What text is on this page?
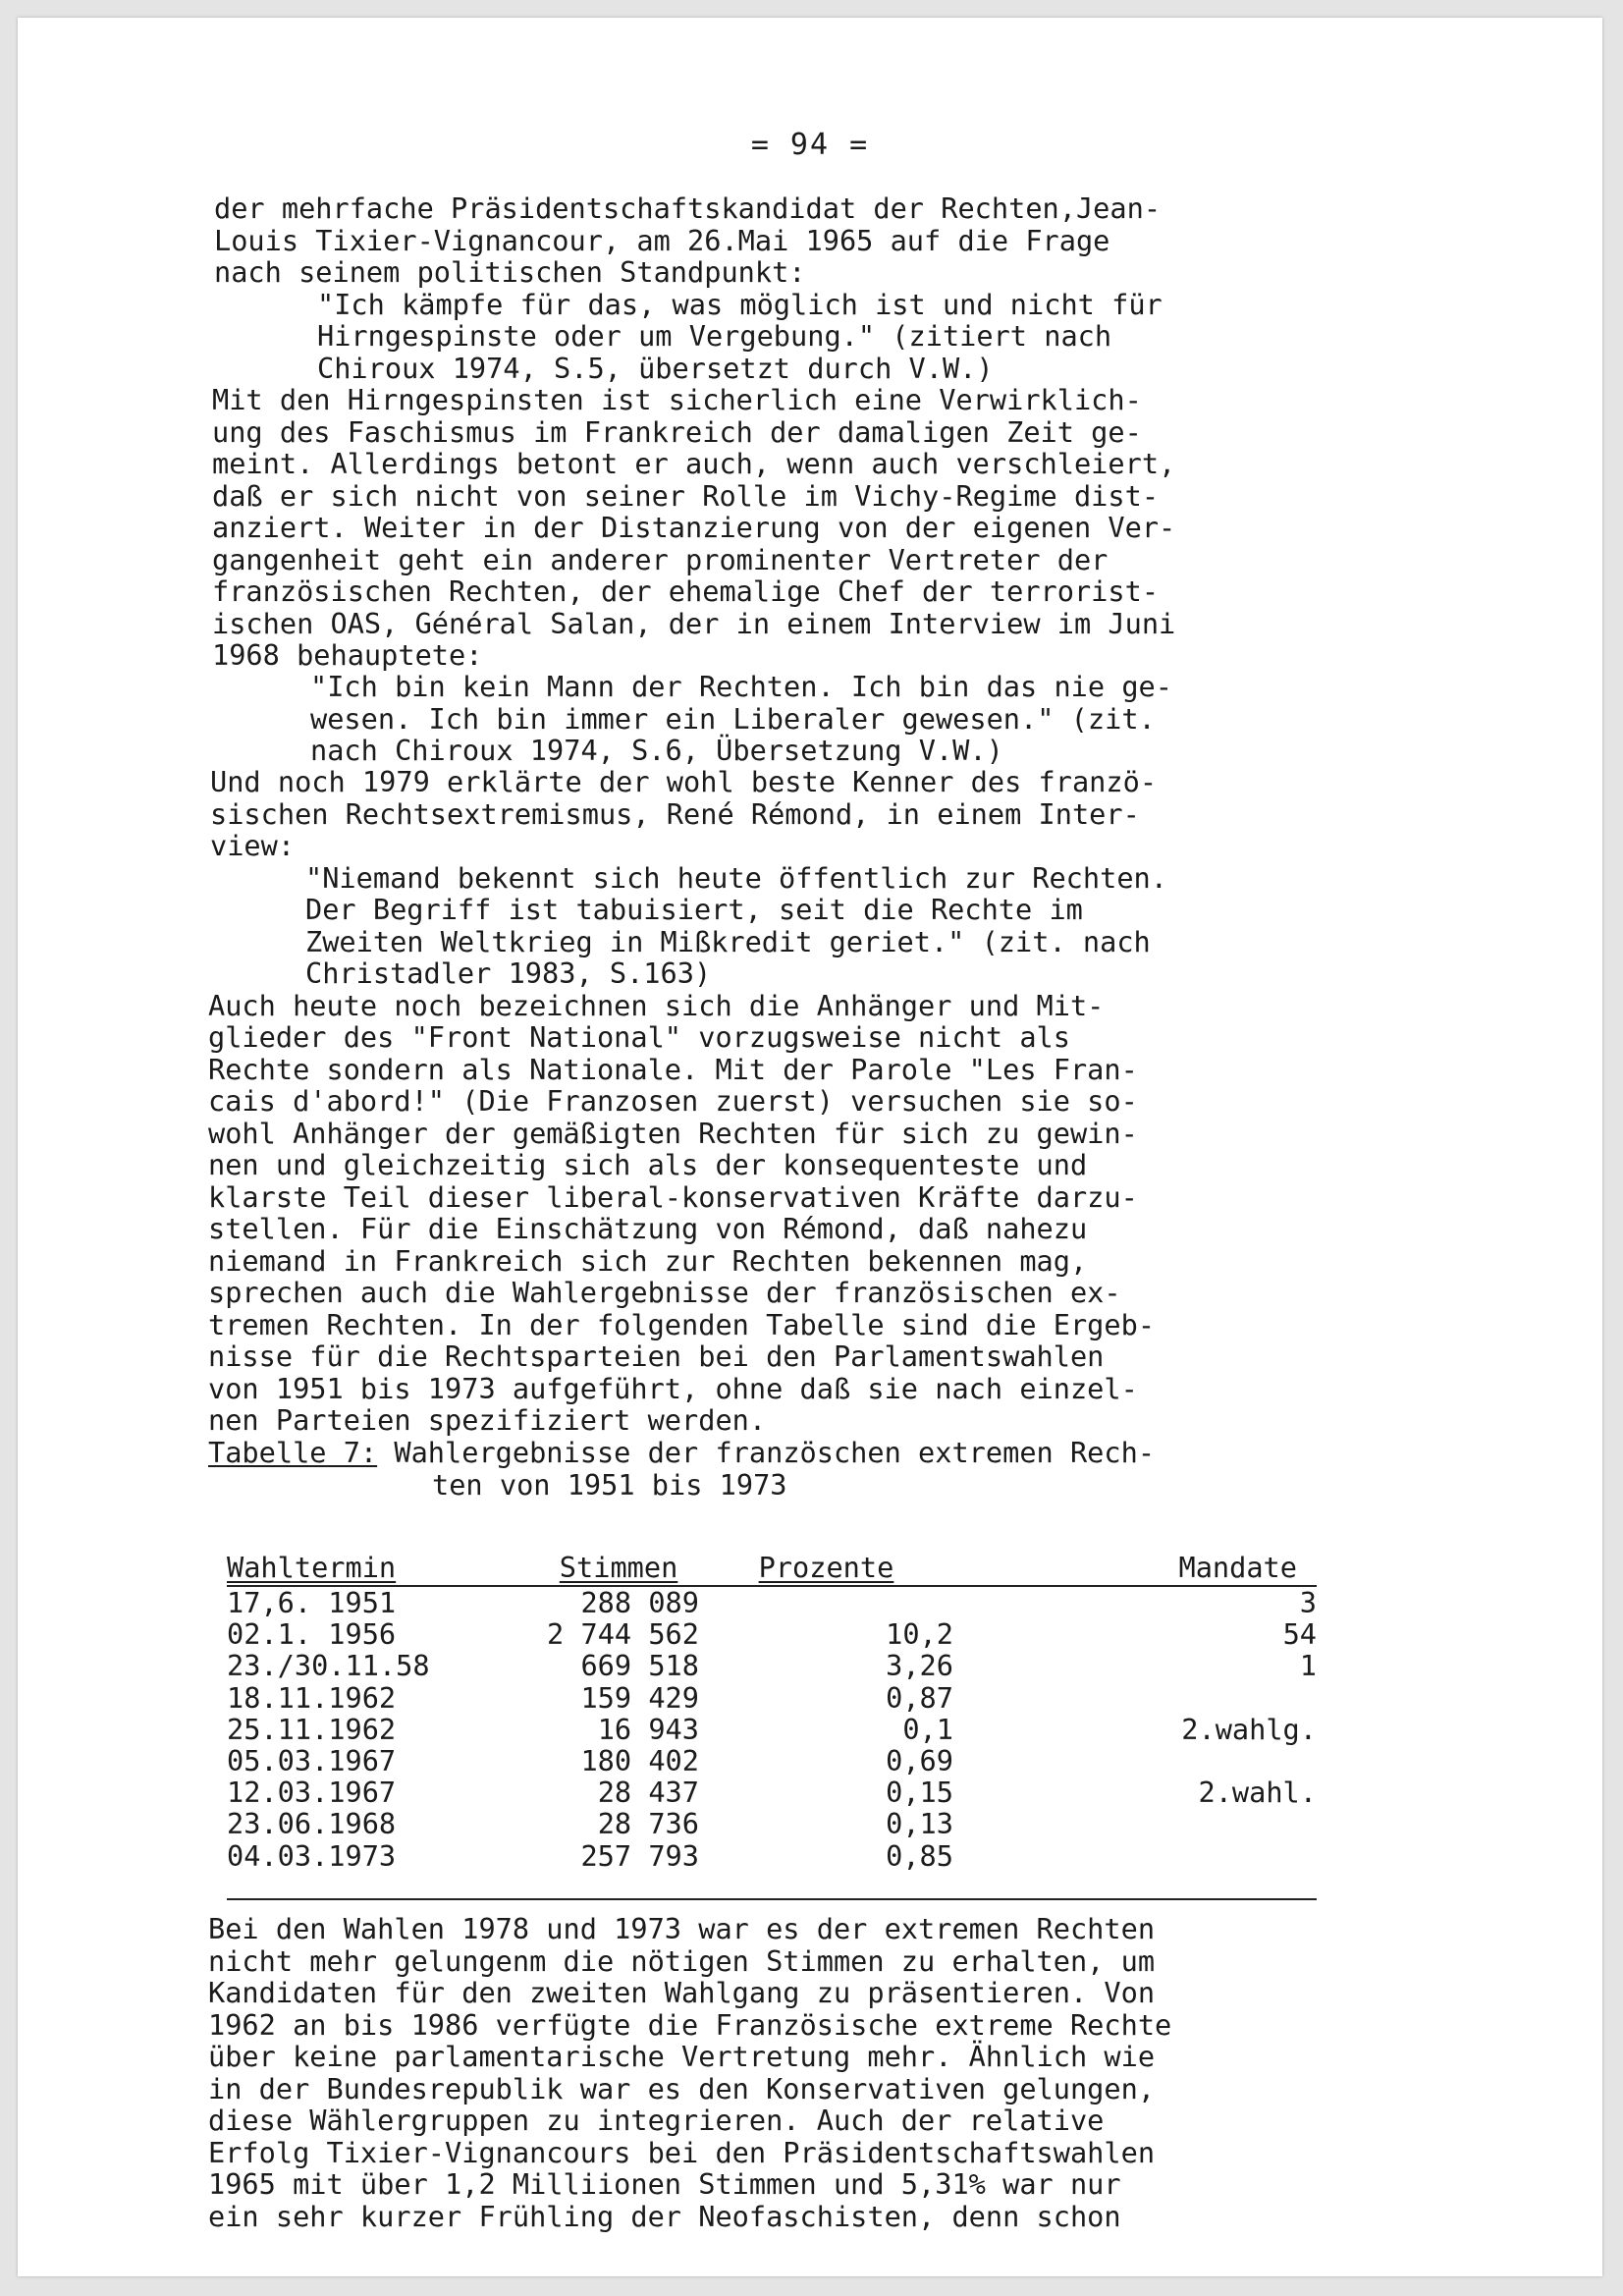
= 94 =
der mehrfache Präsidentschaftskandidat der Rechten,Jean-
Louis Tixier-Vignancour, am 26.Mai 1965 auf die Frage
nach seinem politischen Standpunkt:
"Ich kämpfe für das, was möglich ist und nicht für
Hirngespinste oder um Vergebung." (zitiert nach
Chiroux 1974, S.5, übersetzt durch V.W.)
Mit den Hirngespinsten ist sicherlich eine Verwirklich-
ung des Faschismus im Frankreich der damaligen Zeit ge-
meint. Allerdings betont er auch, wenn auch verschleiert,
daß er sich nicht von seiner Rolle im Vichy-Regime dist-
anziert. Weiter in der Distanzierung von der eigenen Ver-
gangenheit geht ein anderer prominenter Vertreter der
französischen Rechten, der ehemalige Chef der terrorist-
ischen OAS, Général Salan, der in einem Interview im Juni
1968 behauptete:
"Ich bin kein Mann der Rechten. Ich bin das nie ge-
wesen. Ich bin immer ein Liberaler gewesen." (zit.
nach Chiroux 1974, S.6, Übersetzung V.W.)
Und noch 1979 erklärte der wohl beste Kenner des franzö-
sischen Rechtsextremismus, René Rémond, in einem Inter-
view:
"Niemand bekennt sich heute öffentlich zur Rechten.
Der Begriff ist tabuisiert, seit die Rechte im
Zweiten Weltkrieg in Mißkredit geriet." (zit. nach
Christadler 1983, S.163)
Auch heute noch bezeichnen sich die Anhänger und Mit-
glieder des "Front National" vorzugsweise nicht als
Rechte sondern als Nationale. Mit der Parole "Les Fran-
cais d'abord!" (Die Franzosen zuerst) versuchen sie so-
wohl Anhänger der gemäßigten Rechten für sich zu gewin-
nen und gleichzeitig sich als der konsequenteste und
klarste Teil dieser liberal-konservativen Kräfte darzu-
stellen. Für die Einschätzung von Rémond, daß nahezu
niemand in Frankreich sich zur Rechten bekennen mag,
sprechen auch die Wahlergebnisse der französischen ex-
tremen Rechten. In der folgenden Tabelle sind die Ergeb-
nisse für die Rechtsparteien bei den Parlamentswahlen
von 1951 bis 1973 aufgeführt, ohne daß sie nach einzel-
nen Parteien spezifiziert werden.
Tabelle 7: Wahlergebnisse der französchen extremen Rech-
ten von 1951 bis 1973
Wahltermin	Stimmen	Prozente	Mandate
17,6. 1951	288 089		3
02.1. 1956	2 744 562	10,2	54
23./30.11.58	669 518	3,26	1
18.11.1962	159 429	0,87	
25.11.1962	16 943	0,1	2.wahlg.
05.03.1967	180 402	0,69	
12.03.1967	28 437	0,15	2.wahl.
23.06.1968	28 736	0,13	
04.03.1973	257 793	0,85	
Bei den Wahlen 1978 und 1973 war es der extremen Rechten
nicht mehr gelungenm die nötigen Stimmen zu erhalten, um
Kandidaten für den zweiten Wahlgang zu präsentieren. Von
1962 an bis 1986 verfügte die Französische extreme Rechte
über keine parlamentarische Vertretung mehr. Ähnlich wie
in der Bundesrepublik war es den Konservativen gelungen,
diese Wählergruppen zu integrieren. Auch der relative
Erfolg Tixier-Vignancours bei den Präsidentschaftswahlen
1965 mit über 1,2 Milliionen Stimmen und 5,31% war nur
ein sehr kurzer Frühling der Neofaschisten, denn schon
